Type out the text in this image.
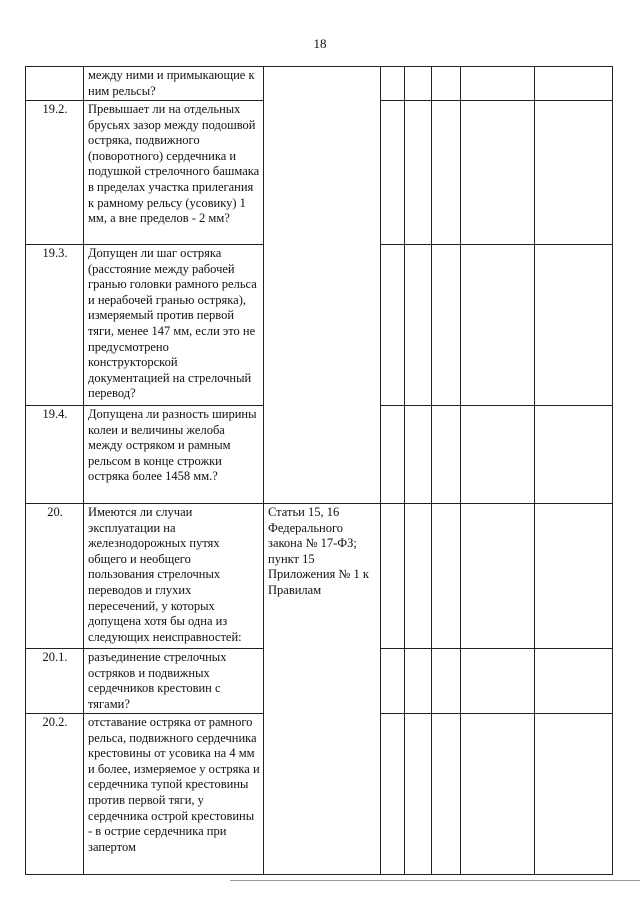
18
	между ними и примыкающие к ним рельсы?						
19.2.	Превышает ли на отдельных брусьях зазор между подошвой остряка, подвижного (поворотного) сердечника и подушкой стрелочного башмака в пределах участка прилегания к рамному рельсу (усовику) 1 мм, а вне пределов - 2 мм?						
19.3.	Допущен ли шаг остряка (расстояние между рабочей гранью головки рамного рельса и нерабочей гранью остряка), измеряемый против первой тяги, менее 147 мм, если это не предусмотрено конструкторской документацией на стрелочный перевод?						
19.4.	Допущена ли разность ширины колеи и величины желоба между остряком и рамным рельсом в конце строжки остряка более 1458 мм.?						
20.	Имеются ли случаи эксплуатации на железнодорожных путях общего и необщего пользования стрелочных переводов и глухих пересечений, у которых допущена хотя бы одна из следующих неисправностей:	Статьи 15, 16 Федерального закона № 17-ФЗ; пункт 15 Приложения № 1 к Правилам					
20.1.	разъединение стрелочных остряков и подвижных сердечников крестовин с тягами?						
20.2.	отставание остряка от рамного рельса, подвижного сердечника крестовины от усовика на 4 мм и более, измеряемое у остряка и сердечника тупой крестовины против первой тяги, у сердечника острой крестовины - в острие сердечника при запертом						
